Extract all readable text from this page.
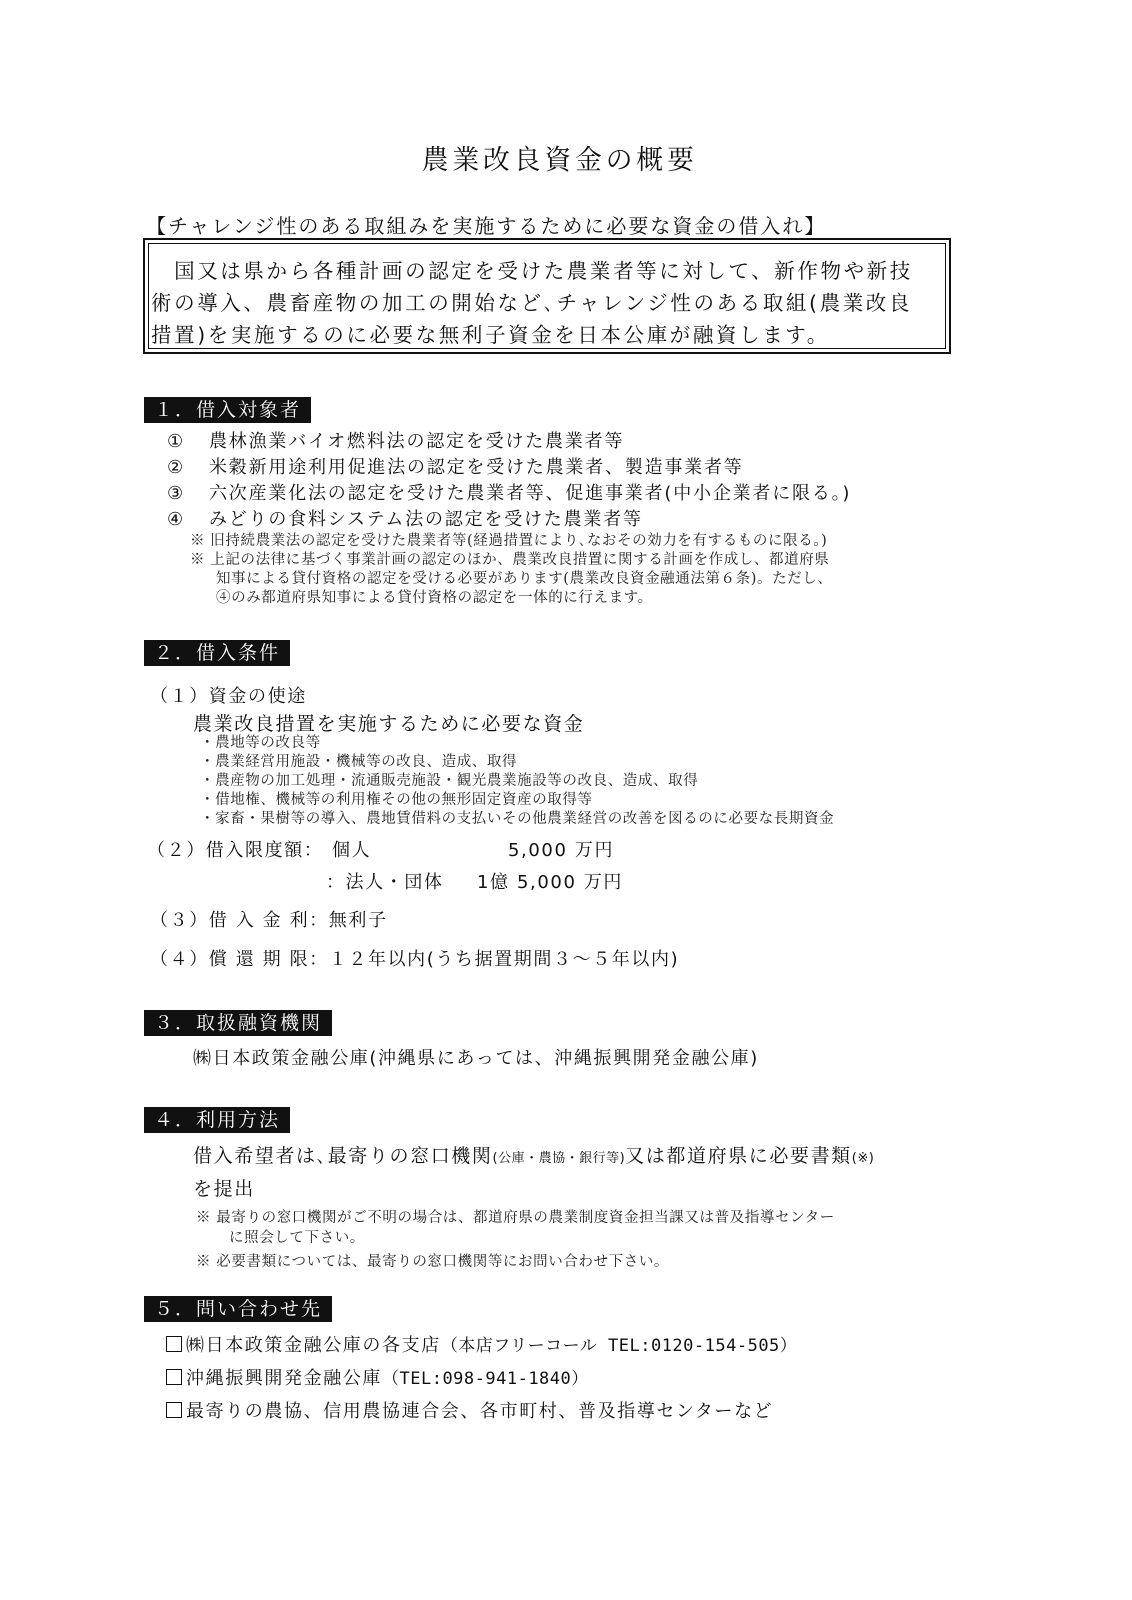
農業改良資金の概要
【チャレンジ性のある取組みを実施するために必要な資金の借入れ】
　国又は県から各種計画の認定を受けた農業者等に対して、新作物や新技
術の導入、農畜産物の加工の開始など､チャレンジ性のある取組(農業改良
措置)を実施するのに必要な無利子資金を日本公庫が融資します。
１．借入対象者
① 農林漁業バイオ燃料法の認定を受けた農業者等
② 米穀新用途利用促進法の認定を受けた農業者、製造事業者等
③ 六次産業化法の認定を受けた農業者等、促進事業者(中小企業者に限る。)
④ みどりの食料システム法の認定を受けた農業者等
※ 旧持続農業法の認定を受けた農業者等(経過措置により､なおその効力を有するものに限る。)
※ 上記の法律に基づく事業計画の認定のほか、農業改良措置に関する計画を作成し、都道府県
知事による貸付資格の認定を受ける必要があります(農業改良資金融通法第６条)。ただし、
④のみ都道府県知事による貸付資格の認定を一体的に行えます。
２．借入条件
（１）資金の使途
農業改良措置を実施するために必要な資金
・農地等の改良等
・農業経営用施設・機械等の改良、造成、取得
・農産物の加工処理・流通販売施設・観光農業施設等の改良、造成、取得
・借地権、機械等の利用権その他の無形固定資産の取得等
・家畜・果樹等の導入、農地賃借料の支払いその他農業経営の改善を図るのに必要な長期資金
（２）借入限度額： 個人	5,000 万円
：法人・団体 1億 5,000 万円
（３）借 入 金 利：無利子
（４）償 還 期 限：１２年以内(うち据置期間３～５年以内)
３．取扱融資機関
㈱日本政策金融公庫(沖縄県にあっては、沖縄振興開発金融公庫)
４．利用方法
借入希望者は､最寄りの窓口機関(公庫・農協・銀行等)又は都道府県に必要書類(※)
を提出
※ 最寄りの窓口機関がご不明の場合は、都道府県の農業制度資金担当課又は普及指導センター
に照会して下さい。
※ 必要書類については、最寄りの窓口機関等にお問い合わせ下さい。
５．問い合わせ先
㈱日本政策金融公庫の各支店（本店フリーコール TEL:0120-154-505）
沖縄振興開発金融公庫（TEL:098-941-1840）
最寄りの農協、信用農協連合会、各市町村、普及指導センターなど
